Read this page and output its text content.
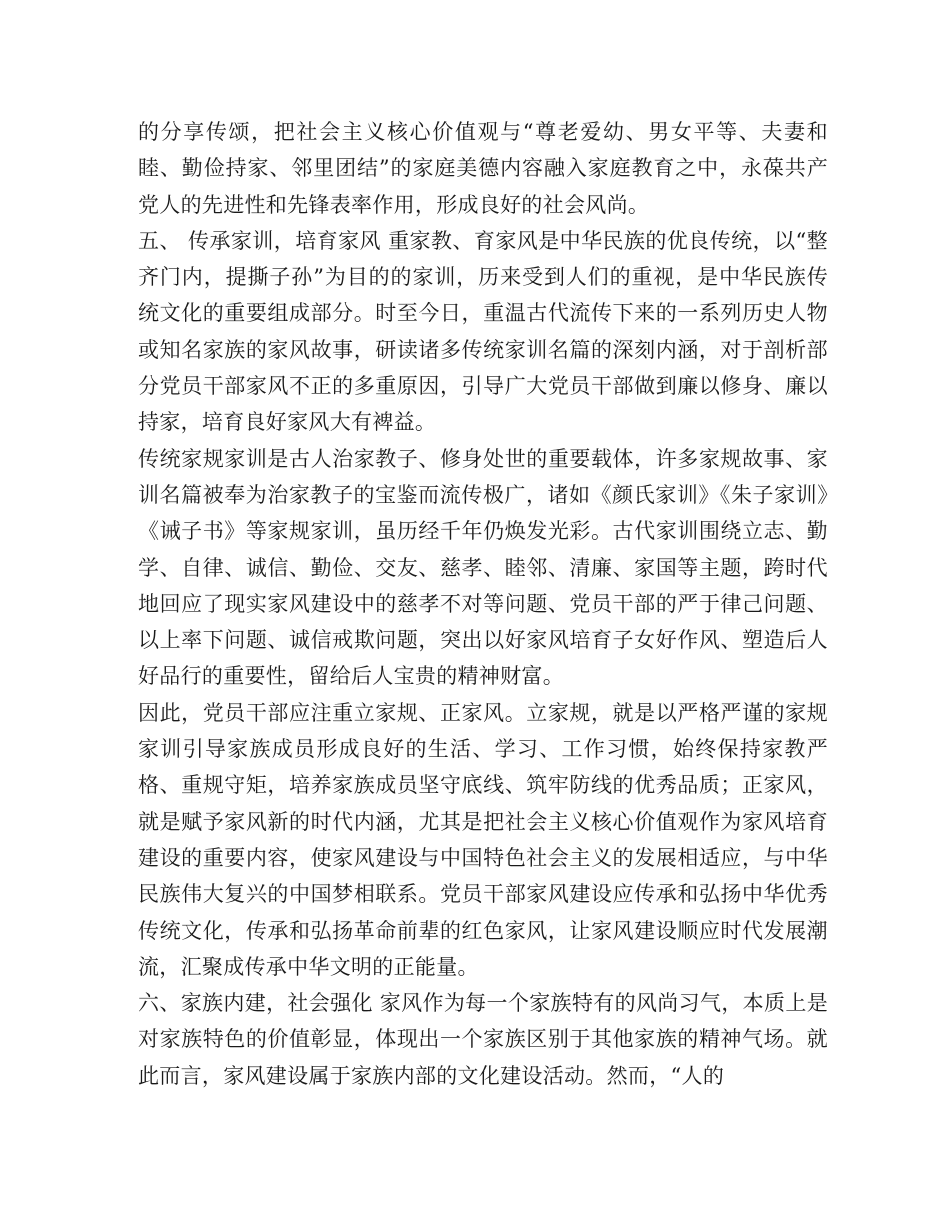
的分享传颂，把社会主义核心价值观与“尊老爱幼、男女平等、夫妻和睦、勤俭持家、邻里团结”的家庭美德内容融入家庭教育之中，永葆共产党人的先进性和先锋表率作用，形成良好的社会风尚。

五、 传承家训，培育家风 重家教、育家风是中华民族的优良传统，以“整齐门内，提撕子孙”为目的的家训，历来受到人们的重视，是中华民族传统文化的重要组成部分。时至今日，重温古代流传下来的一系列历史人物或知名家族的家风故事，研读诸多传统家训名篇的深刻内涵，对于剖析部分党员干部家风不正的多重原因，引导广大党员干部做到廉以修身、廉以持家，培育良好家风大有裨益。

传统家规家训是古人治家教子、修身处世的重要载体，许多家规故事、家训名篇被奉为治家教子的宝鉴而流传极广，诸如《颜氏家训》《朱子家训》《诫子书》等家规家训，虽历经千年仍焕发光彩。古代家训围绕立志、勤学、自律、诚信、勤俭、交友、慈孝、睦邻、清廉、家国等主题，跨时代地回应了现实家风建设中的慈孝不对等问题、党员干部的严于律己问题、以上率下问题、诚信戒欺问题，突出以好家风培育子女好作风、塑造后人好品行的重要性，留给后人宝贵的精神财富。

因此，党员干部应注重立家规、正家风。立家规，就是以严格严谨的家规家训引导家族成员形成良好的生活、学习、工作习惯，始终保持家教严格、重规守矩，培养家族成员坚守底线、筑牢防线的优秀品质；正家风，就是赋予家风新的时代内涵，尤其是把社会主义核心价值观作为家风培育建设的重要内容，使家风建设与中国特色社会主义的发展相适应，与中华民族伟大复兴的中国梦相联系。党员干部家风建设应传承和弘扬中华优秀传统文化，传承和弘扬革命前辈的红色家风，让家风建设顺应时代发展潮流，汇聚成传承中华文明的正能量。

六、家族内建，社会强化 家风作为每一个家族特有的风尚习气，本质上是对家族特色的价值彰显，体现出一个家族区别于其他家族的精神气场。就此而言，家风建设属于家族内部的文化建设活动。然而，“人的
